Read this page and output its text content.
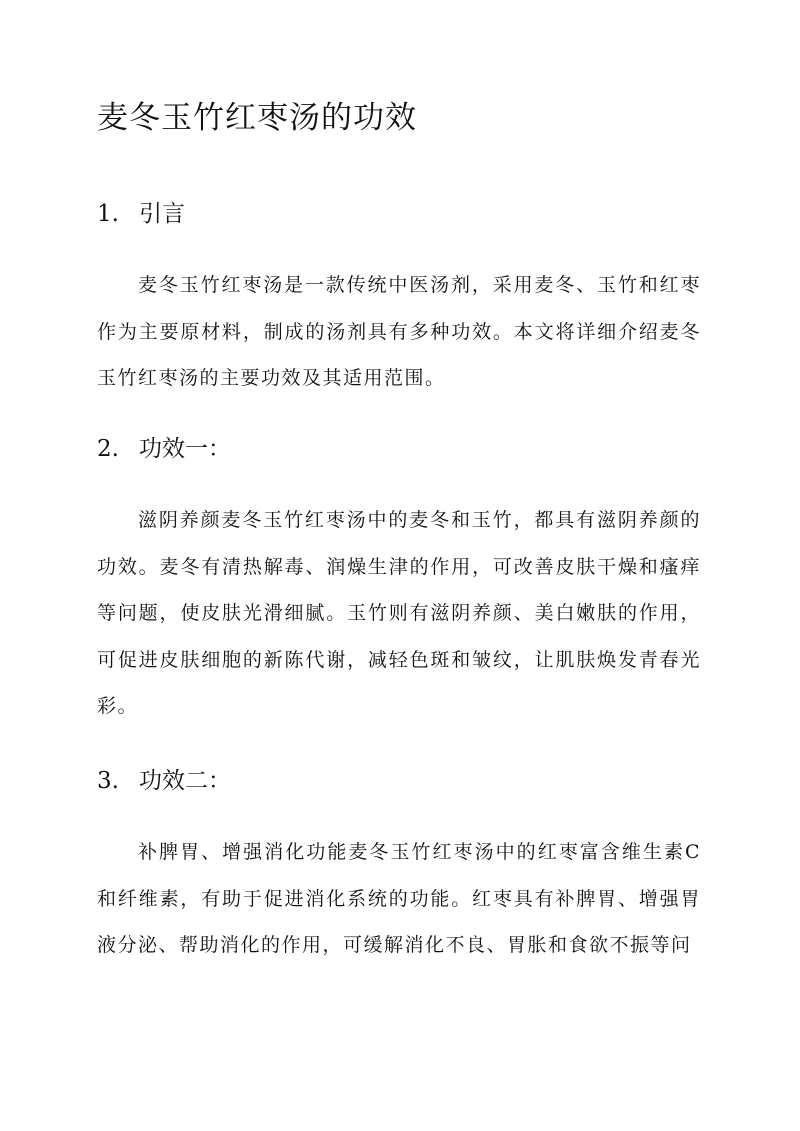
麦冬玉竹红枣汤的功效
1. 引言

麦冬玉竹红枣汤是一款传统中医汤剂，采用麦冬、玉竹和红枣作为主要原材料，制成的汤剂具有多种功效。本文将详细介绍麦冬玉竹红枣汤的主要功效及其适用范围。

2. 功效一：

滋阴养颜麦冬玉竹红枣汤中的麦冬和玉竹，都具有滋阴养颜的功效。麦冬有清热解毒、润燥生津的作用，可改善皮肤干燥和瘙痒等问题，使皮肤光滑细腻。玉竹则有滋阴养颜、美白嫩肤的作用，可促进皮肤细胞的新陈代谢，减轻色斑和皱纹，让肌肤焕发青春光彩。

3. 功效二：

补脾胃、增强消化功能麦冬玉竹红枣汤中的红枣富含维生素C和纤维素，有助于促进消化系统的功能。红枣具有补脾胃、增强胃液分泌、帮助消化的作用，可缓解消化不良、胃胀和食欲不振等问
